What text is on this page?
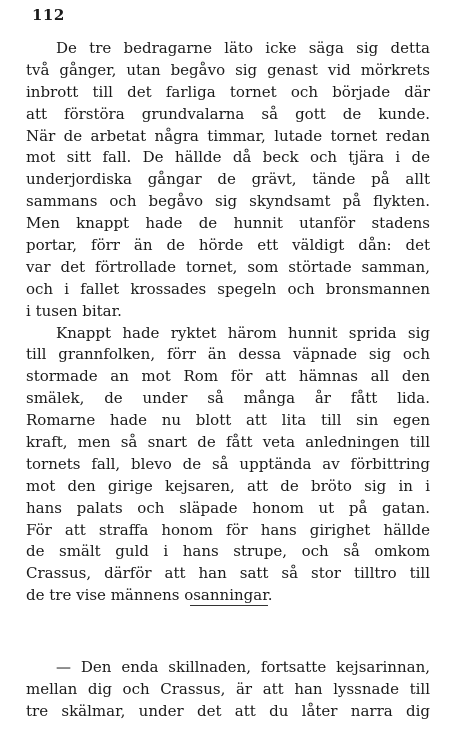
112
De tre bedragarne läto icke säga sig detta
två gånger, utan begåvo sig genast vid mörkrets
inbrott till det farliga tornet och började där
att förstöra grundvalarna så gott de kunde.
När de arbetat några timmar, lutade tornet redan
mot sitt fall. De hällde då beck och tjära i de
underjordiska gångar de grävt, tände på allt
sammans och begåvo sig skyndsamt på flykten.
Men knappt hade de hunnit utanför stadens
portar, förr än de hörde ett väldigt dån: det
var det förtrollade tornet, som störtade samman,
och i fallet krossades spegeln och bronsmannen
i tusen bitar.
Knappt hade ryktet härom hunnit sprida sig
till grannfolken, förr än dessa väpnade sig och
stormade an mot Rom för att hämnas all den
smälek, de under så många år fått lida.
Romarne hade nu blott att lita till sin egen
kraft, men så snart de fått veta anledningen till
tornets fall, blevo de så upptända av förbittring
mot den girige kejsaren, att de bröto sig in i
hans palats och släpade honom ut på gatan.
För att straffa honom för hans girighet hällde
de smält guld i hans strupe, och så omkom
Crassus, därför att han satt så stor tilltro till
de tre vise männens osanningar.
— Den enda skillnaden, fortsatte kejsarinnan,
mellan dig och Crassus, är att han lyssnade till
tre skälmar, under det att du låter narra dig
